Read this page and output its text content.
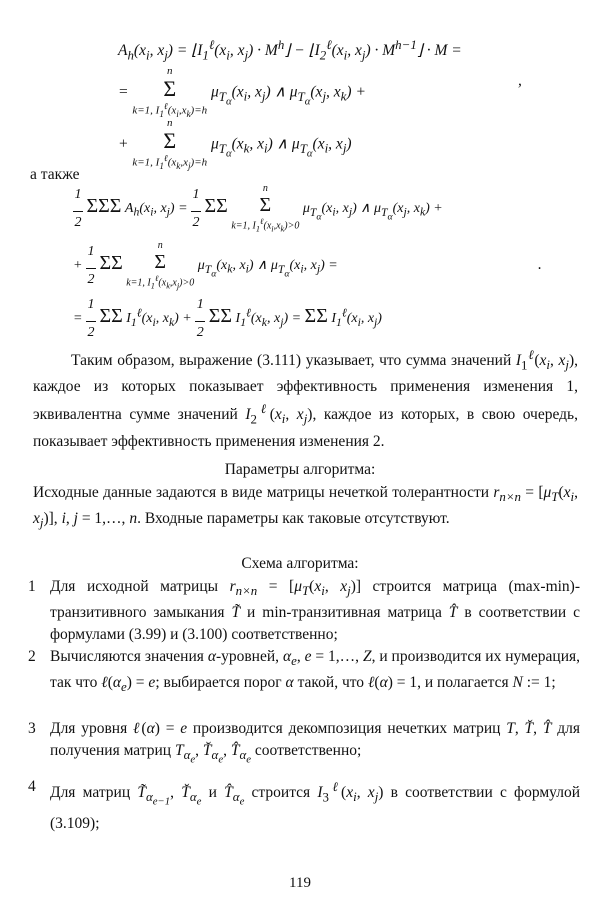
$A_h(x_i$, $x_j$) = $⌊I_1^\ell(x_i$, $x_j$) · $M^h⌋$ − $⌊I_2^\ell(x_i$, $x_j$) · $M^{h-1}⌋ \cdot M$ =
= n
Σ
k=1, $I_1^\ell(x_i,x_k)=h$ $\mu_{T_\alpha}(x_i$, $x_j$) ∧ $\mu_{T_\alpha}(x_j$, $x_k$) +
,
+ n
Σ
k=1, $I_1^\ell(x_k,x_j)=h$ $\mu_{T_\alpha}(x_k$, $x_i$) ∧ $\mu_{T_\alpha}(x_i$, $x_j$)
а также
1

2 ΣΣΣ $A_h(x_i$, $x_j) = 1$

2 ΣΣ n
Σ
k=1, $I_1^\ell(x_i,x_k)>0$ $\mu_{T_\alpha}(x_i$, $x_j$) ∧ $\mu_{T_\alpha}(x_j$, $x_k$) +
+ 1

2 ΣΣ n
Σ
k=1, $I_1^\ell(x_k,x_j)>0$ $\mu_{T_\alpha}(x_k$, $x_i$) ∧ $\mu_{T_\alpha}(x_i$, $x_j$) =	.
= 1

2 ΣΣ $I_1^\ell(x_i$, $x_k) + 1$

2 ΣΣ $I_1^\ell(x_k$, $x_j) = \Sigma\Sigma$ $I_1^\ell(x_i$, $x_j$)
Таким образом, выражение (3.111) указывает, что сумма значений $I_1^\ell(x_i$, $x_j$), каждое из которых показывает эффективность применения изменения 1, эквивалентна сумме значений $I_2^\ell(x_i$, $x_j$), каждое из которых, в свою очередь, показывает эффективность применения изменения 2.
Параметры алгоритма:
Исходные данные задаются в виде матрицы нечеткой толерантности $r_{n\times n} = [\mu_T(x_i$, $x_j$)], i, j = 1,…, n. Входные параметры как таковые отсутствуют.
Схема алгоритма:
1 Для исходной матрицы $r_{n\times n} = [\mu_T(x_i$, $x_j$)] строится матрица (max-min)-транзитивного замыкания T̃ и min-транзитивная матрица T̂ в соответствии с формулами (3.99) и (3.100) соответственно;
2 Вычисляются значения α-уровней, $\alpha_e$, e = 1,…, Z, и производится их нумерация, так что $\ell(\alpha_e) = e$; выбирается порог α такой, что ℓ(α) = 1, и полагается N := 1;
3 Для уровня ℓ(α) = e производится декомпозиция нечетких матриц T, T̆, T̂ для получения матриц $T_{\alpha_e}$, $T̆_{\alpha_e}$, $T̂_{\alpha_e}$ соответственно;
4 Для матриц $T̃_{\alpha_{e-1}}$, $T̆_{\alpha_e}$ и $T̂_{\alpha_e}$ строится $I_3^\ell(x_i$, $x_j$) в соответствии с формулой (3.109);
119
